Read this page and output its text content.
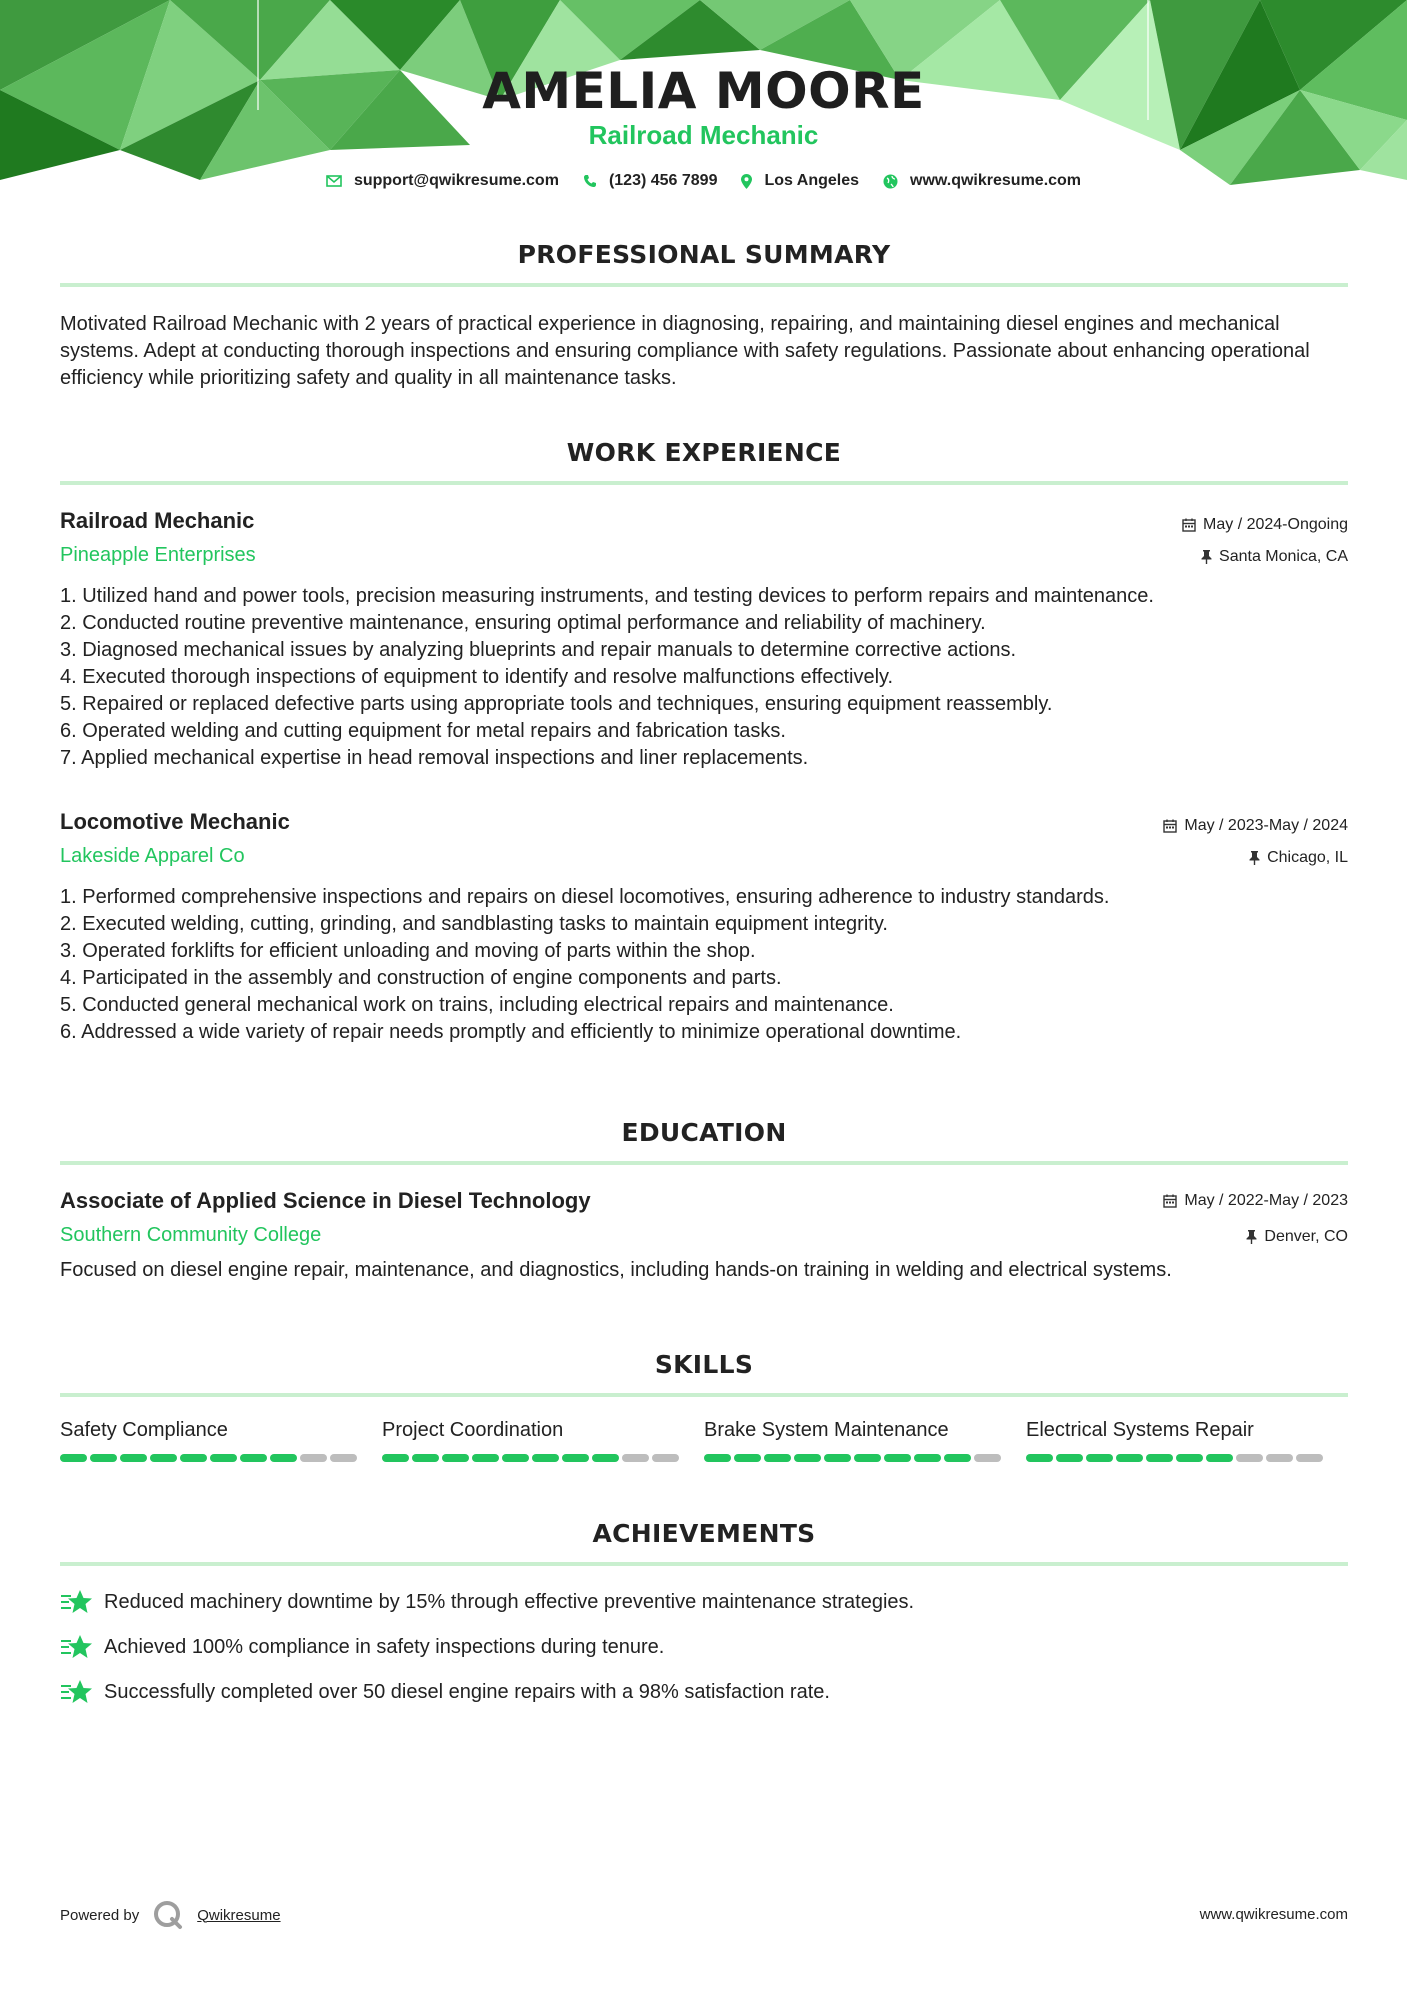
AMELIA MOORE
Railroad Mechanic
support@qwikresume.com	(123) 456 7899	Los Angeles	www.qwikresume.com
PROFESSIONAL SUMMARY

Motivated Railroad Mechanic with 2 years of practical experience in diagnosing, repairing, and maintaining diesel engines and mechanical systems. Adept at conducting thorough inspections and ensuring compliance with safety regulations. Passionate about enhancing operational efficiency while prioritizing safety and quality in all maintenance tasks.

WORK EXPERIENCE
Railroad Mechanic
Pineapple Enterprises
May / 2024-Ongoing
Santa Monica, CA
1. Utilized hand and power tools, precision measuring instruments, and testing devices to perform repairs and maintenance.
2. Conducted routine preventive maintenance, ensuring optimal performance and reliability of machinery.
3. Diagnosed mechanical issues by analyzing blueprints and repair manuals to determine corrective actions.
4. Executed thorough inspections of equipment to identify and resolve malfunctions effectively.
5. Repaired or replaced defective parts using appropriate tools and techniques, ensuring equipment reassembly.
6. Operated welding and cutting equipment for metal repairs and fabrication tasks.
7. Applied mechanical expertise in head removal inspections and liner replacements.
Locomotive Mechanic
Lakeside Apparel Co
May / 2023-May / 2024
Chicago, IL
1. Performed comprehensive inspections and repairs on diesel locomotives, ensuring adherence to industry standards.
2. Executed welding, cutting, grinding, and sandblasting tasks to maintain equipment integrity.
3. Operated forklifts for efficient unloading and moving of parts within the shop.
4. Participated in the assembly and construction of engine components and parts.
5. Conducted general mechanical work on trains, including electrical repairs and maintenance.
6. Addressed a wide variety of repair needs promptly and efficiently to minimize operational downtime.
EDUCATION
Associate of Applied Science in Diesel Technology
Southern Community College
May / 2022-May / 2023
Denver, CO

Focused on diesel engine repair, maintenance, and diagnostics, including hands-on training in welding and electrical systems.

SKILLS
Safety Compliance	Project Coordination	Brake System Maintenance	Electrical Systems Repair
ACHIEVEMENTS
Reduced machinery downtime by 15% through effective preventive maintenance strategies.
Achieved 100% compliance in safety inspections during tenure.
Successfully completed over 50 diesel engine repairs with a 98% satisfaction rate.
Powered by	Qwikresume	www.qwikresume.com
